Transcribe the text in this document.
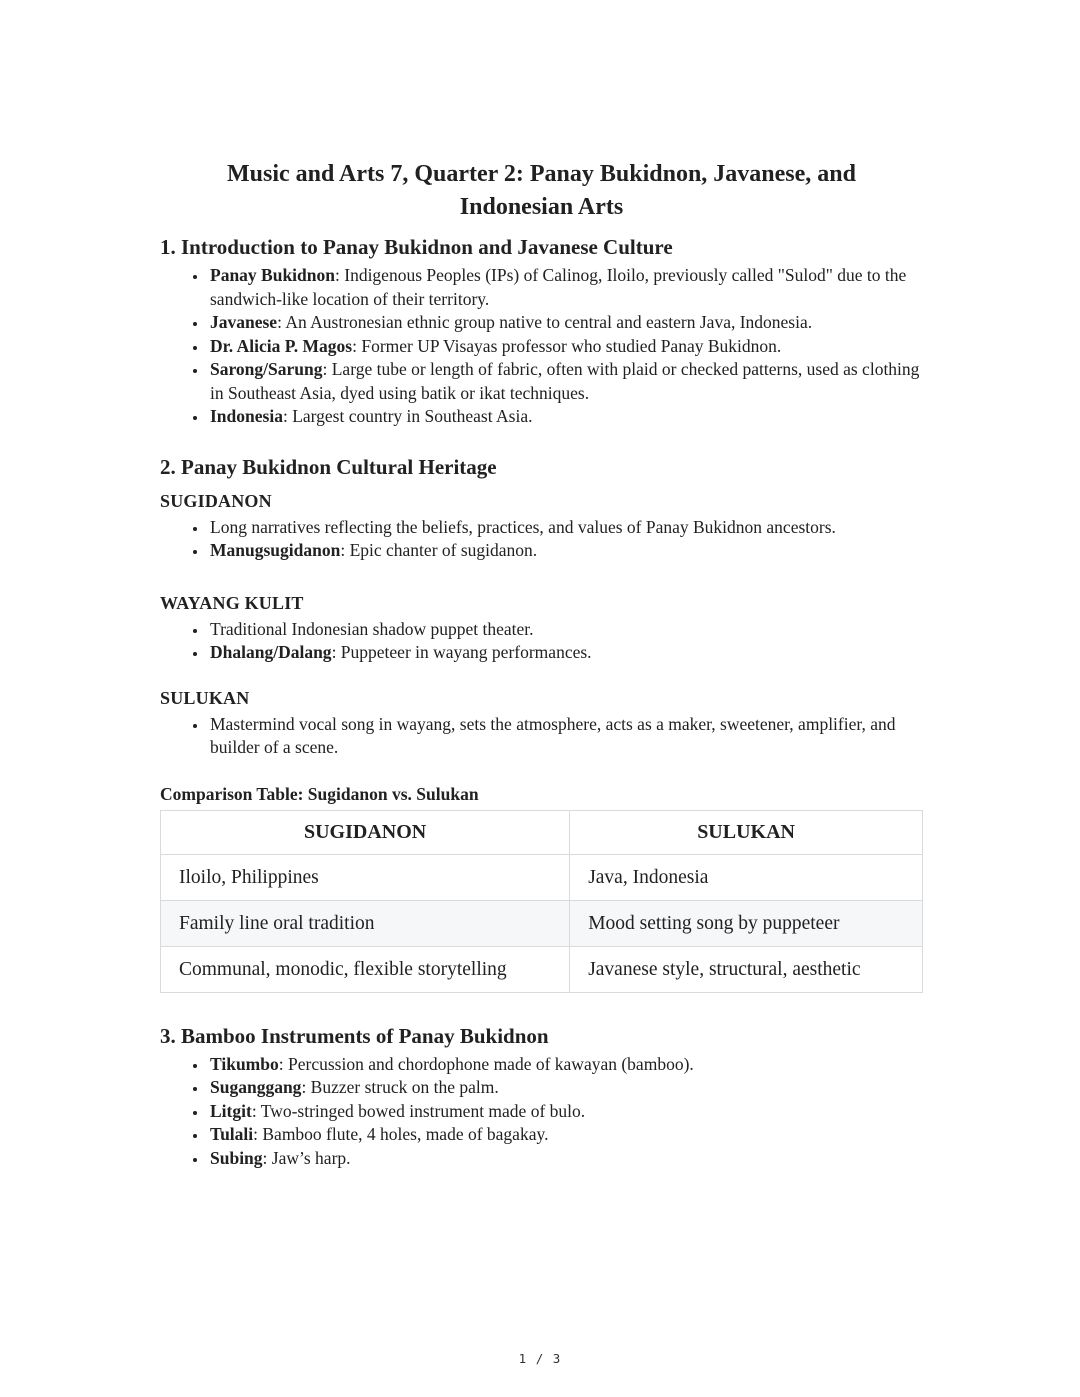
Music and Arts 7, Quarter 2: Panay Bukidnon, Javanese, and Indonesian Arts
1. Introduction to Panay Bukidnon and Javanese Culture
• Panay Bukidnon: Indigenous Peoples (IPs) of Calinog, Iloilo, previously called "Sulod" due to the sandwich-like location of their territory.
• Javanese: An Austronesian ethnic group native to central and eastern Java, Indonesia.
• Dr. Alicia P. Magos: Former UP Visayas professor who studied Panay Bukidnon.
• Sarong/Sarung: Large tube or length of fabric, often with plaid or checked patterns, used as clothing in Southeast Asia, dyed using batik or ikat techniques.
• Indonesia: Largest country in Southeast Asia.
2. Panay Bukidnon Cultural Heritage
SUGIDANON
• Long narratives reflecting the beliefs, practices, and values of Panay Bukidnon ancestors.
• Manugsugidanon: Epic chanter of sugidanon.
WAYANG KULIT
• Traditional Indonesian shadow puppet theater.
• Dhalang/Dalang: Puppeteer in wayang performances.
SULUKAN
• Mastermind vocal song in wayang, sets the atmosphere, acts as a maker, sweetener, amplifier, and builder of a scene.

Comparison Table: Sugidanon vs. Sulukan

SUGIDANON	SULUKAN
Iloilo, Philippines	Java, Indonesia
Family line oral tradition	Mood setting song by puppeteer
Communal, monodic, flexible storytelling	Javanese style, structural, aesthetic
3. Bamboo Instruments of Panay Bukidnon
• Tikumbo: Percussion and chordophone made of kawayan (bamboo).
• Suganggang: Buzzer struck on the palm.
• Litgit: Two-stringed bowed instrument made of bulo.
• Tulali: Bamboo flute, 4 holes, made of bagakay.
• Subing: Jaw’s harp.
1 / 3
